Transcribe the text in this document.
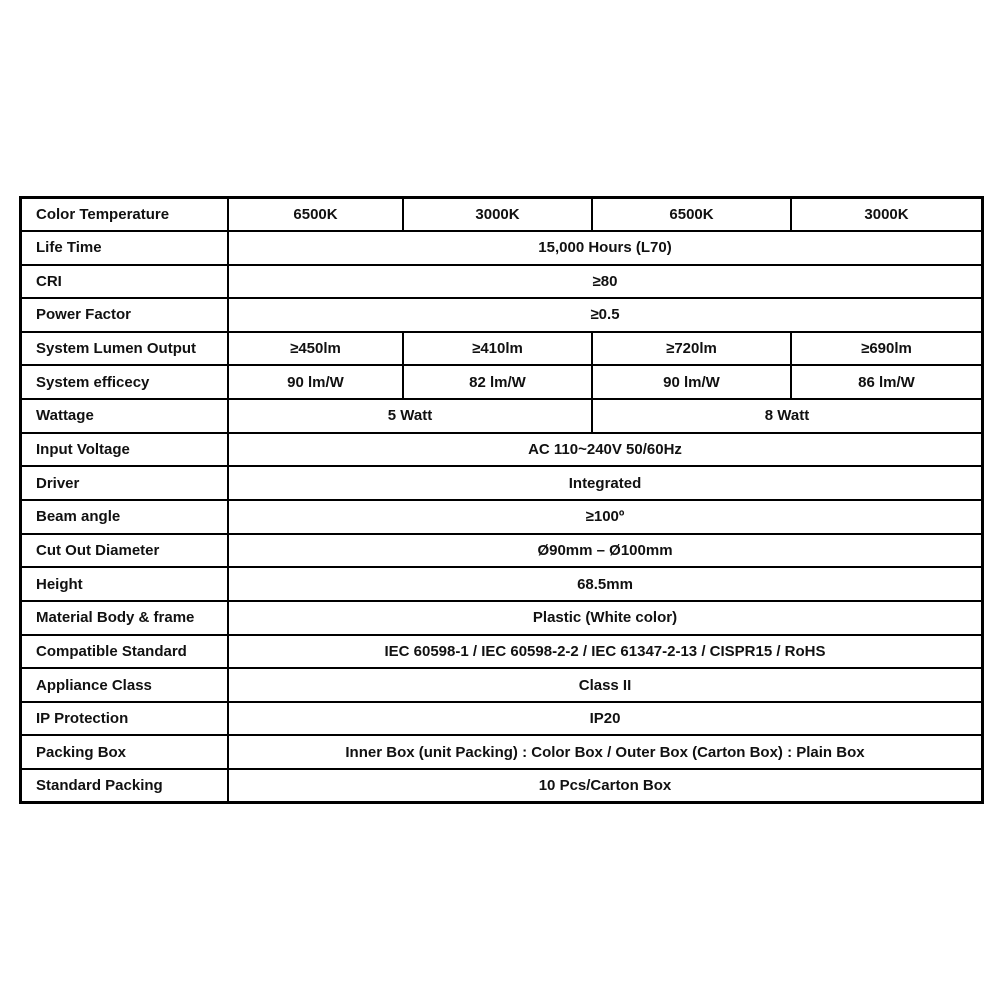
Color Temperature	6500K	3000K	6500K	3000K
Life Time	15,000 Hours (L70)			
CRI	≥80			
Power Factor	≥0.5			
System Lumen Output	≥450lm	≥410lm	≥720lm	≥690lm
System efficecy	90 lm/W	82 lm/W	90 lm/W	86 lm/W
Wattage	5 Watt		8 Watt	
Input Voltage	AC 110~240V 50/60Hz			
Driver	Integrated			
Beam angle	≥100º			
Cut Out Diameter	Ø90mm – Ø100mm			
Height	68.5mm			
Material Body & frame	Plastic (White color)			
Compatible Standard	IEC 60598-1 / IEC 60598-2-2 / IEC 61347-2-13 / CISPR15 / RoHS			
Appliance Class	Class II			
IP Protection	IP20			
Packing Box	Inner Box (unit Packing) : Color Box / Outer Box (Carton Box) : Plain Box			
Standard Packing	10 Pcs/Carton Box			
